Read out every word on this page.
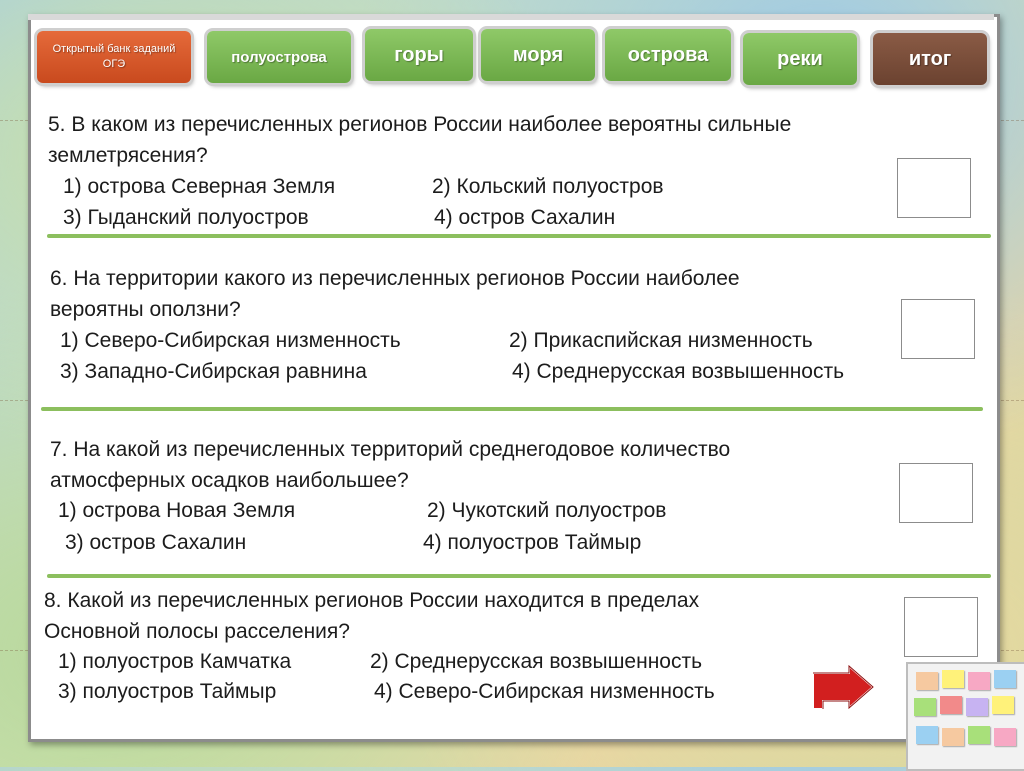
Открытый банк заданий
ОГЭ	полуострова	горы	моря	острова	реки	итог
5. В каком из перечисленных регионов России наиболее вероятны сильные
землетрясения?
1) острова Северная Земля	2) Кольский полуостров
3) Гыданский полуостров	4) остров Сахалин
6. На территории какого из перечисленных регионов России наиболее
вероятны оползни?
1) Северо-Сибирская низменность	2) Прикаспийская низменность
3) Западно-Сибирская равнина	4) Среднерусская возвышенность
7. На какой из перечисленных территорий среднегодовое количество
атмосферных осадков наибольшее?
1) острова Новая Земля	2) Чукотский полуостров
3) остров Сахалин	4) полуостров Таймыр
8. Какой из перечисленных регионов России находится в пределах
Основной полосы расселения?
1) полуостров Камчатка	2) Среднерусская возвышенность
3) полуостров Таймыр	4) Северо-Сибирская низменность
